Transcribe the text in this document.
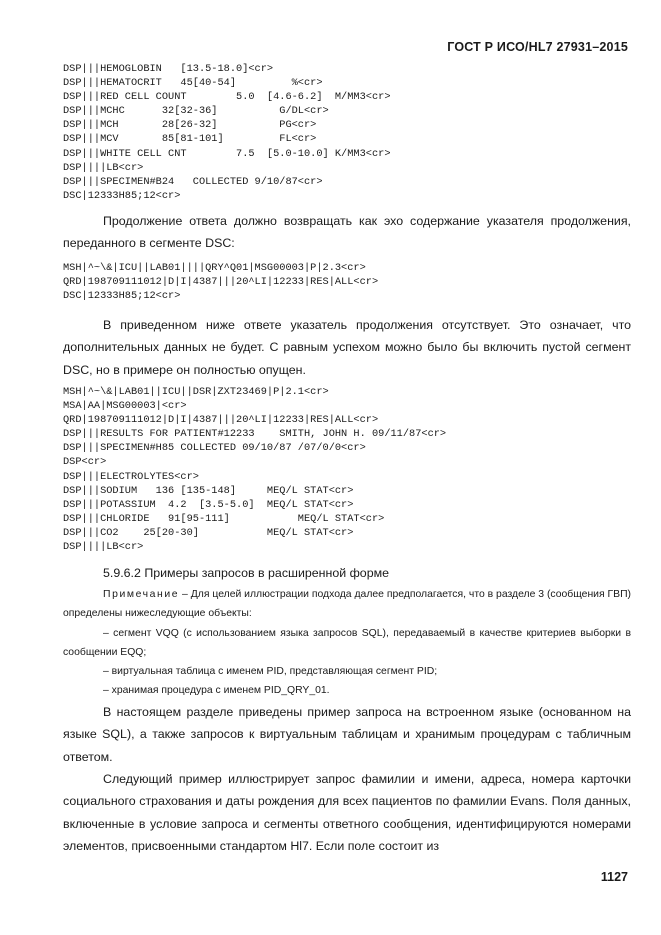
ГОСТ Р ИСО/HL7 27931–2015
DSP|||HEMOGLOBIN   [13.5-18.0]<cr>
DSP|||HEMATOCRIT   45[40-54]         %<cr>
DSP|||RED CELL COUNT        5.0  [4.6-6.2]  M/MM3<cr>
DSP|||MCHC      32[32-36]          G/DL<cr>
DSP|||MCH       28[26-32]          PG<cr>
DSP|||MCV       85[81-101]         FL<cr>
DSP|||WHITE CELL CNT        7.5  [5.0-10.0] K/MM3<cr>
DSP||||LB<cr>
DSP|||SPECIMEN#B24   COLLECTED 9/10/87<cr>
DSC|12333H85;12<cr>

Продолжение ответа должно возвращать как эхо содержание указателя продолжения, переданного в сегменте DSC:

MSH|^~\&|ICU||LAB01||||QRY^Q01|MSG00003|P|2.3<cr>
QRD|198709111012|D|I|4387|||20^LI|12233|RES|ALL<cr>
DSC|12333H85;12<cr>

В приведенном ниже ответе указатель продолжения отсутствует. Это означает, что дополнительных данных не будет. С равным успехом можно было бы включить пустой сегмент DSC, но в примере он полностью опущен.

MSH|^~\&|LAB01||ICU||DSR|ZXT23469|P|2.1<cr>
MSA|AA|MSG00003|<cr>
QRD|198709111012|D|I|4387|||20^LI|12233|RES|ALL<cr>
DSP|||RESULTS FOR PATIENT#12233    SMITH, JOHN H. 09/11/87<cr>
DSP|||SPECIMEN#H85 COLLECTED 09/10/87 /07/0/0<cr>
DSP<cr>
DSP|||ELECTROLYTES<cr>
DSP|||SODIUM   136 [135-148]     MEQ/L STAT<cr>
DSP|||POTASSIUM  4.2  [3.5-5.0]  MEQ/L STAT<cr>
DSP|||CHLORIDE   91[95-111]           MEQ/L STAT<cr>
DSP|||CO2    25[20-30]           MEQ/L STAT<cr>
DSP||||LB<cr>

5.9.6.2 Примеры запросов в расширенной форме

Примечание – Для целей иллюстрации подхода далее предполагается, что в разделе 3 (сообщения ГВП) определены нижеследующие объекты:
– сегмент VQQ (с использованием языка запросов SQL), передаваемый в качестве критериев выборки в сообщении EQQ;
– виртуальная таблица с именем PID, представляющая сегмент PID;
– хранимая процедура с именем PID_QRY_01.

В настоящем разделе приведены пример запроса на встроенном языке (основанном на языке SQL), а также запросов к виртуальным таблицам и хранимым процедурам с табличным ответом.

Следующий пример иллюстрирует запрос фамилии и имени, адреса, номера карточки социального страхования и даты рождения для всех пациентов по фамилии Evans. Поля данных, включенные в условие запроса и сегменты ответного сообщения, идентифицируются номерами элементов, присвоенными стандартом Hl7. Если поле состоит из

1127
